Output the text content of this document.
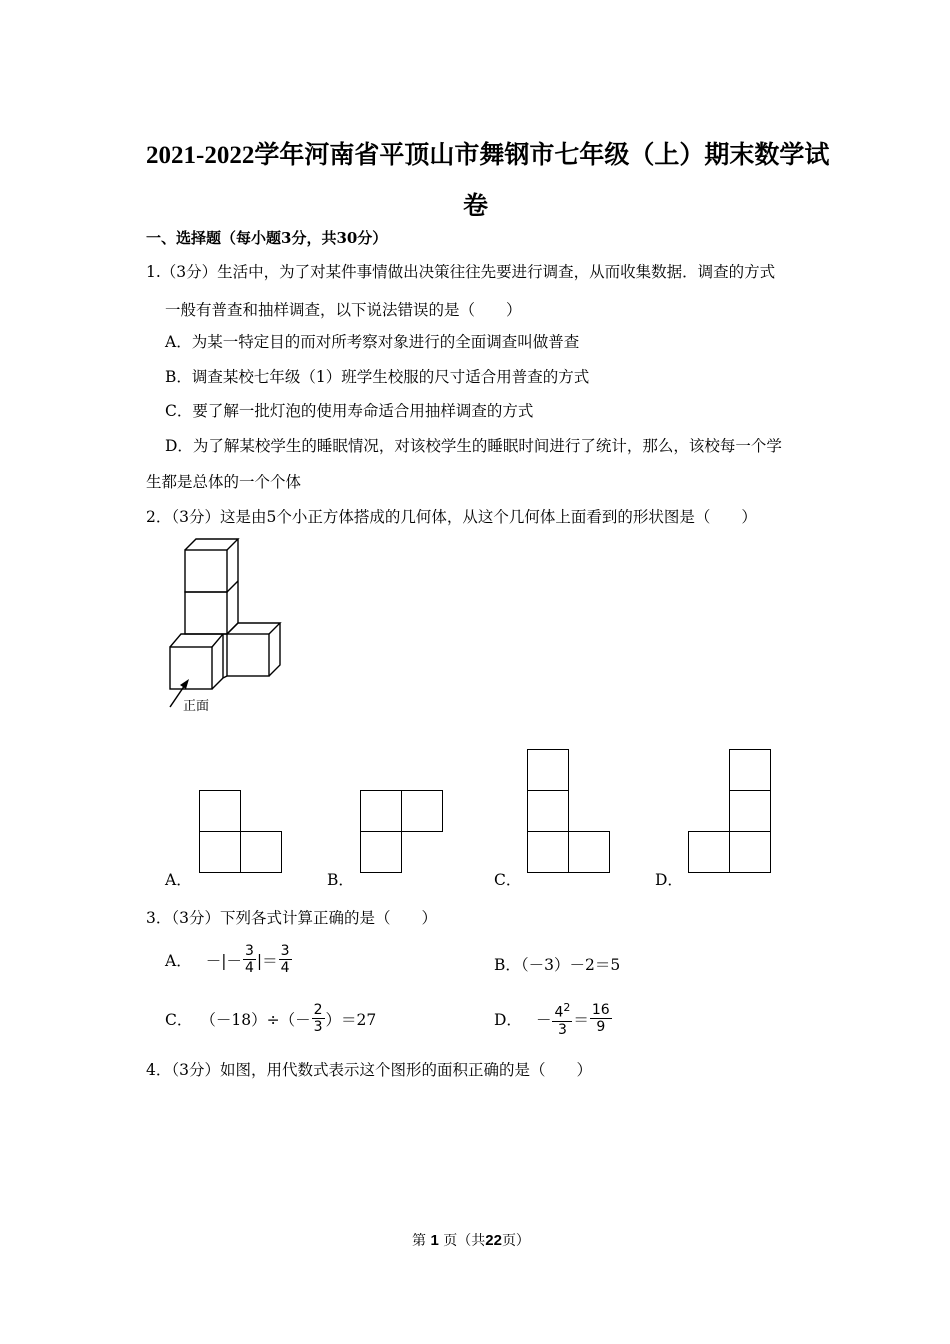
2021-2022学年河南省平顶山市舞钢市七年级（上）期末数学试
卷
一、选择题（每小题3分，共30分）
1.（3分）生活中，为了对某件事情做出决策往往先要进行调查，从而收集数据．调查的方式
一般有普查和抽样调查，以下说法错误的是（　　）
A．为某一特定目的而对所考察对象进行的全面调查叫做普查
B．调查某校七年级（1）班学生校服的尺寸适合用普查的方式
C．要了解一批灯泡的使用寿命适合用抽样调查的方式
D．为了解某校学生的睡眠情况，对该校学生的睡眠时间进行了统计，那么，该校每一个学
生都是总体的一个个体
2．（3分）这是由5个小正方体搭成的几何体，从这个几何体上面看到的形状图是（　　）
正面
A．	B．	C．	D．
3．（3分）下列各式计算正确的是（　　）
A． －|－ $\frac{3}{4}$ |＝ $\frac{3}{4}$	B．（－3）－2＝5
C． $(-18)\div(- \frac{2}{3} )=27$	D． － $\frac{4^2}{3} = \frac{16}{9}$
4．（3分）如图，用代数式表示这个图形的面积正确的是（　　）
第 1 页（共22页）
